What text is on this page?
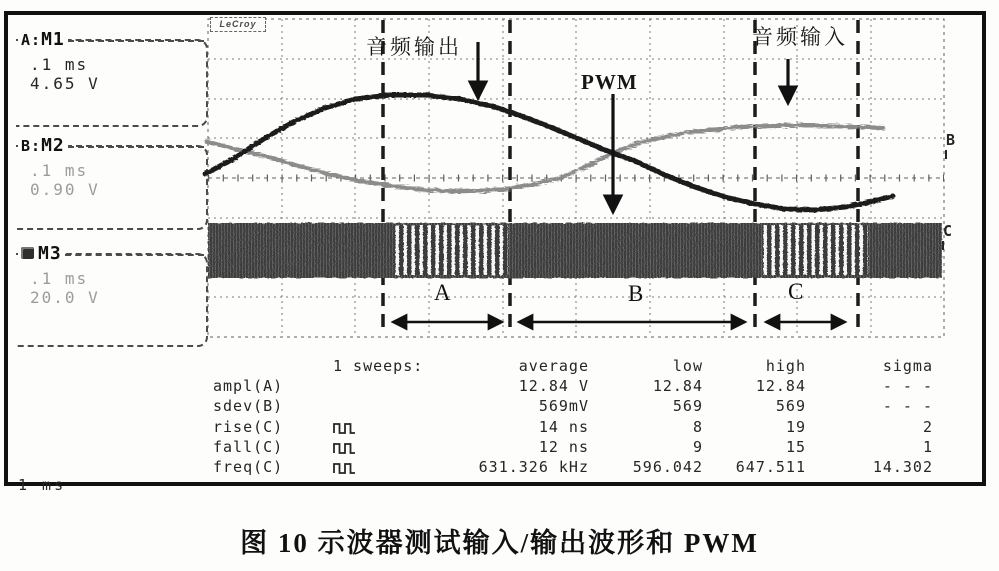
A:M1
.1 ms
4.65 V
B:M2
.1 ms
0.90 V
M3
.1 ms
20.0 V
1 ms
LeCroy
音频输出
PWM
音频输入
A	B	C
B
C
1 sweeps:	average	low	high	sigma
ampl(A)	12.84 V	12.84	12.84	- - -
sdev(B)	569mV	569	569	- - -
rise(C)	14 ns	8	19	2
fall(C)	12 ns	9	15	1
freq(C)	631.326 kHz	596.042	647.511	14.302
图 10 示波器测试输入/输出波形和 PWM
